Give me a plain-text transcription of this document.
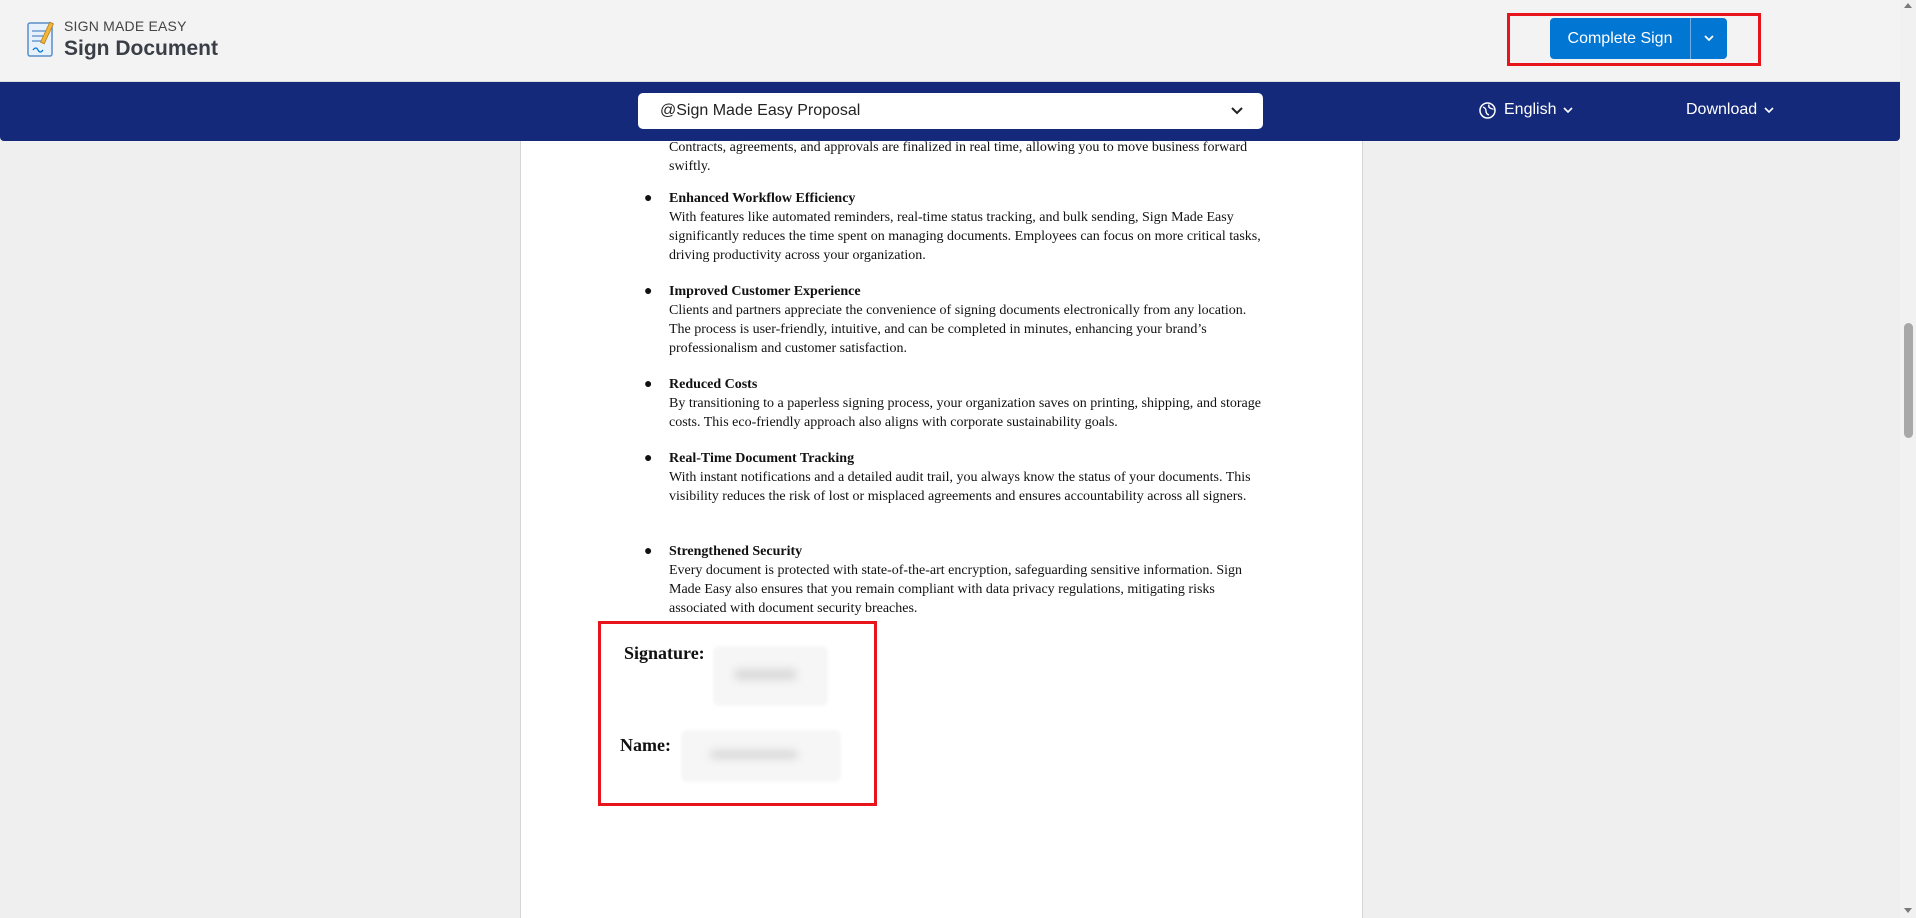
SIGN MADE EASY
Sign Document	Complete Sign
@Sign Made Easy Proposal	English	Download
Contracts, agreements, and approvals are finalized in real time, allowing you to move business forward swiftly.
● Enhanced Workflow Efficiency
With features like automated reminders, real-time status tracking, and bulk sending, Sign Made Easy significantly reduces the time spent on managing documents. Employees can focus on more critical tasks, driving productivity across your organization.
● Improved Customer Experience
Clients and partners appreciate the convenience of signing documents electronically from any location. The process is user-friendly, intuitive, and can be completed in minutes, enhancing your brand’s professionalism and customer satisfaction.
● Reduced Costs
By transitioning to a paperless signing process, your organization saves on printing, shipping, and storage costs. This eco-friendly approach also aligns with corporate sustainability goals.
● Real-Time Document Tracking
With instant notifications and a detailed audit trail, you always know the status of your documents. This visibility reduces the risk of lost or misplaced agreements and ensures accountability across all signers.
● Strengthened Security
Every document is protected with state-of-the-art encryption, safeguarding sensitive information. Sign Made Easy also ensures that you remain compliant with data privacy regulations, mitigating risks associated with document security breaches.
Signature:
Name:
